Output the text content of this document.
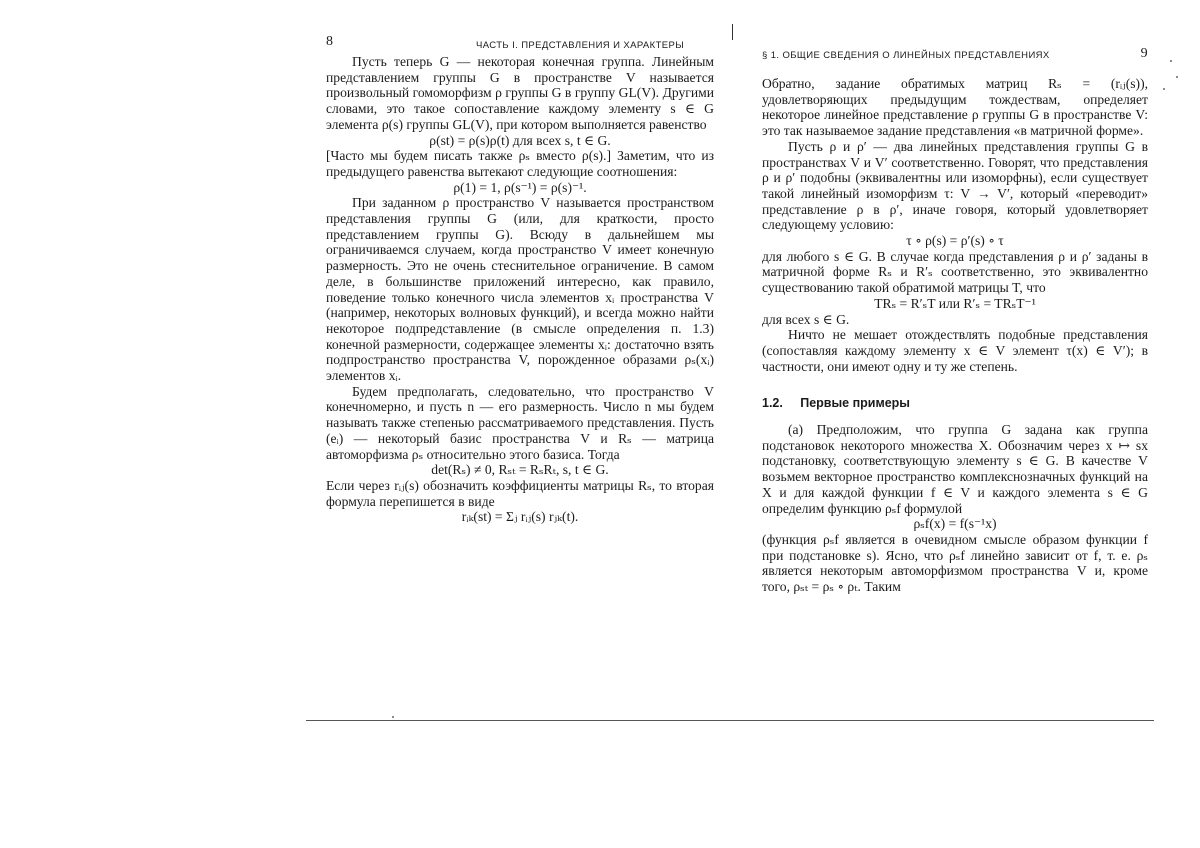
8	ЧАСТЬ I. ПРЕДСТАВЛЕНИЯ И ХАРАКТЕРЫ

Пусть теперь G — некоторая конечная группа. Линейным представлением группы G в пространстве V называется произвольный гомоморфизм ρ группы G в группу GL(V). Другими словами, это такое сопоставление каждому элементу s ∈ G элемента ρ(s) группы GL(V), при котором выполняется равенство

ρ(st) = ρ(s)ρ(t) для всех s, t ∈ G.

[Часто мы будем писать также ρₛ вместо ρ(s).] Заметим, что из предыдущего равенства вытекают следующие соотношения:

ρ(1) = 1, ρ(s⁻¹) = ρ(s)⁻¹.

При заданном ρ пространство V называется пространством представления группы G (или, для краткости, просто представлением группы G). Всюду в дальнейшем мы ограничиваемся случаем, когда пространство V имеет конечную размерность. Это не очень стеснительное ограничение. В самом деле, в большинстве приложений интересно, как правило, поведение только конечного числа элементов xᵢ пространства V (например, некоторых волновых функций), и всегда можно найти некоторое подпредставление (в смысле определения п. 1.3) конечной размерности, содержащее элементы xᵢ: достаточно взять подпространство пространства V, порожденное образами ρₛ(xᵢ) элементов xᵢ.

Будем предполагать, следовательно, что пространство V конечномерно, и пусть n — его размерность. Число n мы будем называть также степенью рассматриваемого представления. Пусть (eᵢ) — некоторый базис пространства V и Rₛ — матрица автоморфизма ρₛ относительно этого базиса. Тогда

det(Rₛ) ≠ 0, Rₛₜ = RₛRₜ, s, t ∈ G.

Если через rᵢⱼ(s) обозначить коэффициенты матрицы Rₛ, то вторая формула перепишется в виде

rᵢₖ(st) = Σⱼ rᵢⱼ(s) rⱼₖ(t).

§ 1. ОБЩИЕ СВЕДЕНИЯ О ЛИНЕЙНЫХ ПРЕДСТАВЛЕНИЯХ	9

Обратно, задание обратимых матриц Rₛ = (rᵢⱼ(s)), удовлетворяющих предыдущим тождествам, определяет некоторое линейное представление ρ группы G в пространстве V: это так называемое задание представления «в матричной форме».

Пусть ρ и ρ′ — два линейных представления группы G в пространствах V и V′ соответственно. Говорят, что представления ρ и ρ′ подобны (эквивалентны или изоморфны), если существует такой линейный изоморфизм τ: V → V′, который «переводит» представление ρ в ρ′, иначе говоря, который удовлетворяет следующему условию:

τ ∘ ρ(s) = ρ′(s) ∘ τ

для любого s ∈ G. В случае когда представления ρ и ρ′ заданы в матричной форме Rₛ и R′ₛ соответственно, это эквивалентно существованию такой обратимой матрицы T, что

TRₛ = R′ₛT или R′ₛ = TRₛT⁻¹

для всех s ∈ G.

Ничто не мешает отождествлять подобные представления (сопоставляя каждому элементу x ∈ V элемент τ(x) ∈ V′); в частности, они имеют одну и ту же степень.

1.2. Первые примеры

(а) Предположим, что группа G задана как группа подстановок некоторого множества X. Обозначим через x ↦ sx подстановку, соответствующую элементу s ∈ G. В качестве V возьмем векторное пространство комплекснозначных функций на X и для каждой функции f ∈ V и каждого элемента s ∈ G определим функцию ρₛf формулой

ρₛf(x) = f(s⁻¹x)

(функция ρₛf является в очевидном смысле образом функции f при подстановке s). Ясно, что ρₛf линейно зависит от f, т. е. ρₛ является некоторым автоморфизмом пространства V и, кроме того, ρₛₜ = ρₛ ∘ ρₜ. Таким
